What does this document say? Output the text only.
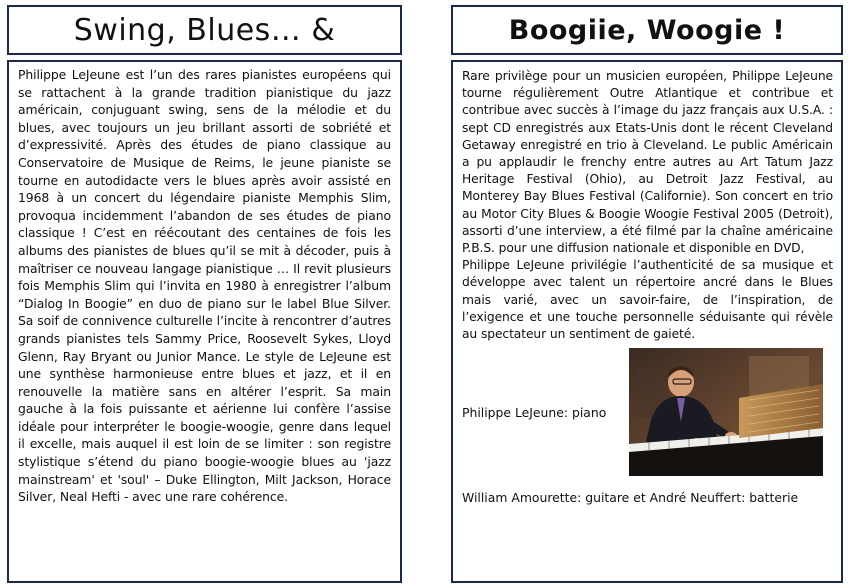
Swing, Blues… &	Boogiie, Woogie !

Philippe LeJeune est l’un des rares pianistes européens qui se rattachent à la grande tradition pianistique du jazz américain, conjuguant swing, sens de la mélodie et du blues, avec toujours un jeu brillant assorti de sobriété et d’expressivité. Après des études de piano classique au Conservatoire de Musique de Reims, le jeune pianiste se tourne en autodidacte vers le blues après avoir assisté en 1968 à un concert du légendaire pianiste Memphis Slim, provoqua incidemment l’abandon de ses études de piano classique ! C’est en réécoutant des centaines de fois les albums des pianistes de blues qu’il se mit à décoder, puis à maîtriser ce nouveau langage pianistique … Il revit plusieurs fois Memphis Slim qui l’invita en 1980 à enregistrer l’album “Dialog In Boogie” en duo de piano sur le label Blue Silver. Sa soif de connivence culturelle l’incite à rencontrer d’autres grands pianistes tels Sammy Price, Roosevelt Sykes, Lloyd Glenn, Ray Bryant ou Junior Mance. Le style de LeJeune est une synthèse harmonieuse entre blues et jazz, et il en renouvelle la matière sans en altérer l’esprit. Sa main gauche à la fois puissante et aérienne lui confère l’assise idéale pour interpréter le boogie-woogie, genre dans lequel il excelle, mais auquel il est loin de se limiter : son registre stylistique s’étend du piano boogie-woogie blues au 'jazz mainstream' et 'soul' – Duke Ellington, Milt Jackson, Horace Silver, Neal Hefti - avec une rare cohérence.

Rare privilège pour un musicien européen, Philippe LeJeune tourne régulièrement Outre Atlantique et contribue et contribue avec succès à l’image du jazz français aux U.S.A. : sept CD enregistrés aux Etats-Unis dont le récent Cleveland Getaway enregistré en trio à Cleveland. Le public Américain a pu applaudir le frenchy entre autres au Art Tatum Jazz Heritage Festival (Ohio), au Detroit Jazz Festival, au Monterey Bay Blues Festival (Californie). Son concert en trio au Motor City Blues & Boogie Woogie Festival 2005 (Detroit), assorti d’une interview, a été filmé par la chaîne américaine P.B.S. pour une diffusion nationale et disponible en DVD,

Philippe LeJeune privilégie l’authenticité de sa musique et développe avec talent un répertoire ancré dans le Blues mais varié, avec un savoir-faire, de l’inspiration, de l’exigence et une touche personnelle séduisante qui révèle au spectateur un sentiment de gaieté.

Philippe LeJeune: piano
William Amourette: guitare et André Neuffert: batterie
